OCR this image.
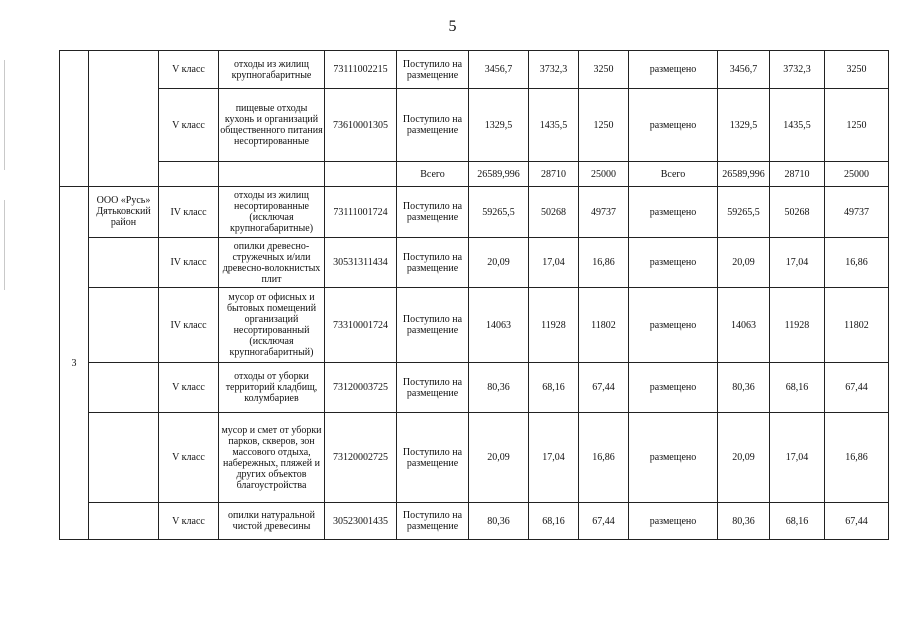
5
		V класс	отходы из жилищ крупногабаритные	73111002215	Поступило на размещение	3456,7	3732,3	3250	размещено	3456,7	3732,3	3250
		V класс	пищевые отходы кухонь и организаций общественного питания несортированные	73610001305	Поступило на размещение	1329,5	1435,5	1250	размещено	1329,5	1435,5	1250
					Всего	26589,996	28710	25000	Всего	26589,996	28710	25000
3	ООО «Русь» Дятьковский район	IV класс	отходы из жилищ несортированные (исключая крупногабаритные)	73111001724	Поступило на размещение	59265,5	50268	49737	размещено	59265,5	50268	49737
		IV класс	опилки древесно-стружечных и/или древесно-волокнистых плит	30531311434	Поступило на размещение	20,09	17,04	16,86	размещено	20,09	17,04	16,86
		IV класс	мусор от офисных и бытовых помещений организаций несортированный (исключая крупногабаритный)	73310001724	Поступило на размещение	14063	11928	11802	размещено	14063	11928	11802
		V класс	отходы от уборки территорий кладбищ, колумбариев	73120003725	Поступило на размещение	80,36	68,16	67,44	размещено	80,36	68,16	67,44
		V класс	мусор и смет от уборки парков, скверов, зон массового отдыха, набережных, пляжей и других объектов благоустройства	73120002725	Поступило на размещение	20,09	17,04	16,86	размещено	20,09	17,04	16,86
		V класс	опилки натуральной чистой древесины	30523001435	Поступило на размещение	80,36	68,16	67,44	размещено	80,36	68,16	67,44
